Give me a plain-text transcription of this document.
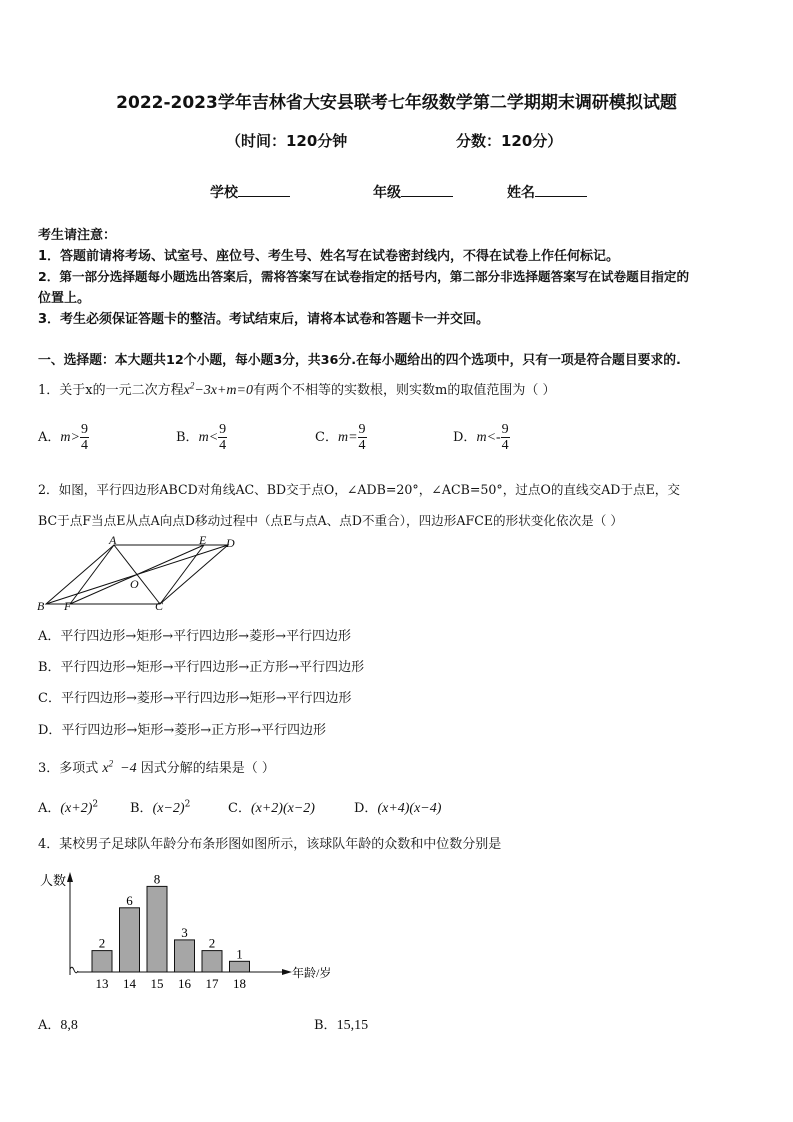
2022-2023学年吉林省大安县联考七年级数学第二学期期末调研模拟试题
（时间：120分钟	分数：120分）
学校	年级	姓名
考生请注意：
1．答题前请将考场、试室号、座位号、考生号、姓名写在试卷密封线内，不得在试卷上作任何标记。
2．第一部分选择题每小题选出答案后，需将答案写在试卷指定的括号内，第二部分非选择题答案写在试卷题目指定的
位置上。
3．考生必须保证答题卡的整洁。考试结束后，请将本试卷和答题卡一并交回。
一、选择题：本大题共12个小题，每小题3分，共36分.在每小题给出的四个选项中，只有一项是符合题目要求的.
1．关于x的一元二次方程$x^2-3x+m=0$有两个不相等的实数根，则实数m的取值范围为（ ）
A．$m> \frac{9}{4}$	B．$m< \frac{9}{4}$	C．$m= \frac{9}{4}$	D．$m<- \frac{9}{4}$
2．如图，平行四边形ABCD对角线AC、BD交于点O，∠ADB=20°，∠ACB=50°，过点O的直线交AD于点E，交
BC于点F当点E从点A向点D移动过程中（点E与点A、点D不重合），四边形AFCE的形状变化依次是（ ）
A	E D
O
B F	C
A．平行四边形→矩形→平行四边形→菱形→平行四边形
B．平行四边形→矩形→平行四边形→正方形→平行四边形
C．平行四边形→菱形→平行四边形→矩形→平行四边形
D．平行四边形→矩形→菱形→正方形→平行四边形
3．多项式 $x^2 -4$ 因式分解的结果是（ ）
A．$(x+2)^2$ B．$(x-2)^2$	C．(x+2)(x−2)	D．(x+4)(x−4)
4．某校男子足球队年龄分布条形图如图所示，该球队年龄的众数和中位数分别是
人数
年龄/岁
2
13
6
14
8
15
3
16
2
17
1
18
A．8,8	B．15,15
